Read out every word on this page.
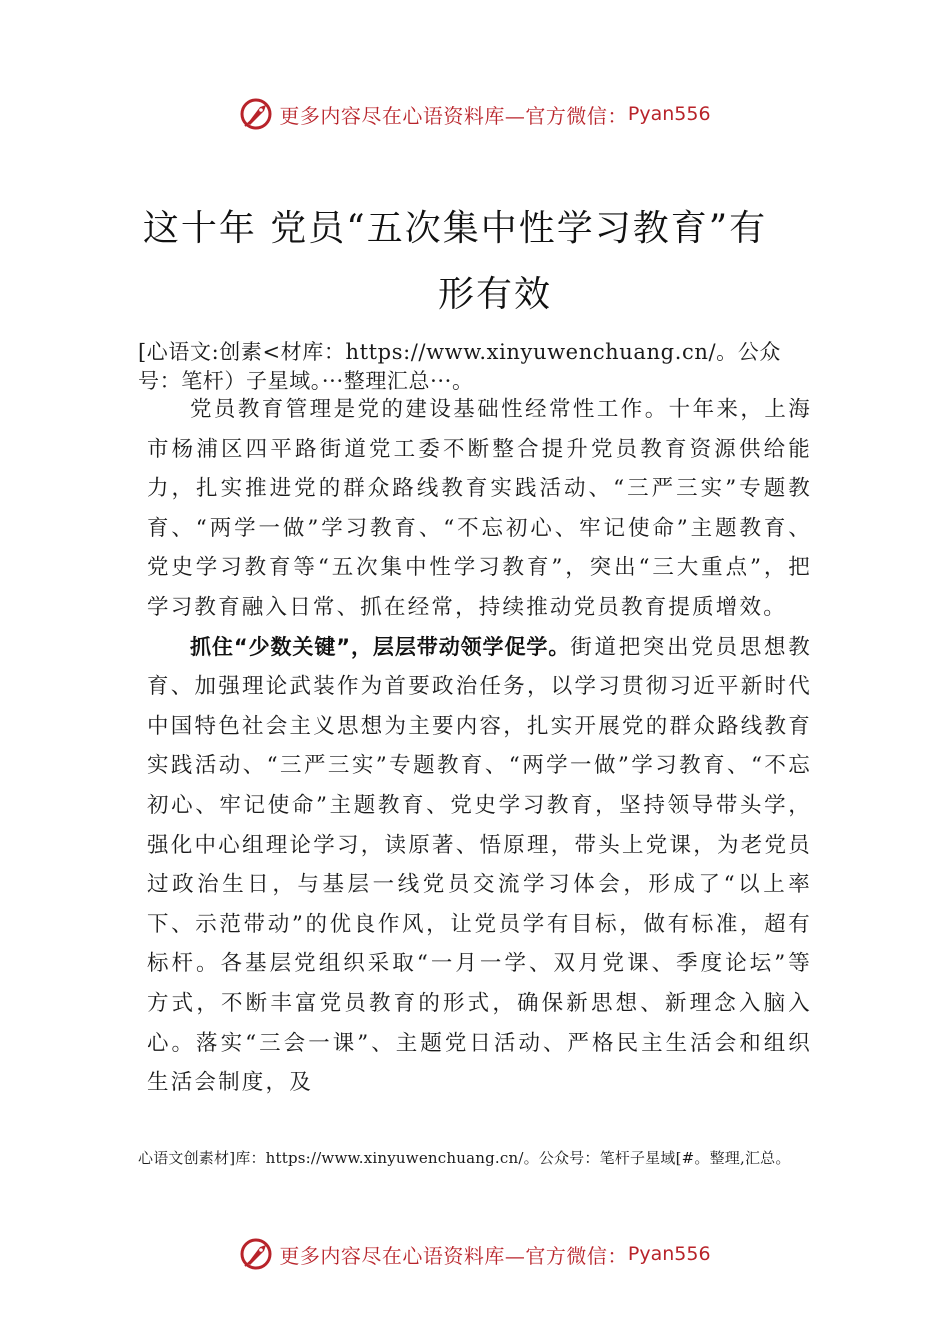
更多内容尽在心语资料库—官方微信： Pyan556
这十年 党员“五次集中性学习教育”有
形有效

[心语文:创素<材库：https://www.xinyuwenchuang.cn/。公众号：笔杆）子星域。···整理汇总···。

党员教育管理是党的建设基础性经常性工作。十年来，上海市杨浦区四平路街道党工委不断整合提升党员教育资源供给能力，扎实推进党的群众路线教育实践活动、“三严三实”专题教育、“两学一做”学习教育、“不忘初心、牢记使命”主题教育、党史学习教育等“五次集中性学习教育”，突出“三大重点”，把学习教育融入日常、抓在经常，持续推动党员教育提质增效。

抓住“少数关键”，层层带动领学促学。街道把突出党员思想教育、加强理论武装作为首要政治任务，以学习贯彻习近平新时代中国特色社会主义思想为主要内容，扎实开展党的群众路线教育实践活动、“三严三实”专题教育、“两学一做”学习教育、“不忘初心、牢记使命”主题教育、党史学习教育，坚持领导带头学，强化中心组理论学习，读原著、悟原理，带头上党课，为老党员过政治生日，与基层一线党员交流学习体会，形成了“以上率下、示范带动”的优良作风，让党员学有目标，做有标准，超有标杆。各基层党组织采取“一月一学、双月党课、季度论坛”等方式，不断丰富党员教育的形式，确保新思想、新理念入脑入心。落实“三会一课”、主题党日活动、严格民主生活会和组织生活会制度，及

心语文创素材]库：https://www.xinyuwenchuang.cn/。公众号：笔杆子星域[#。整理,汇总。

更多内容尽在心语资料库—官方微信： Pyan556
